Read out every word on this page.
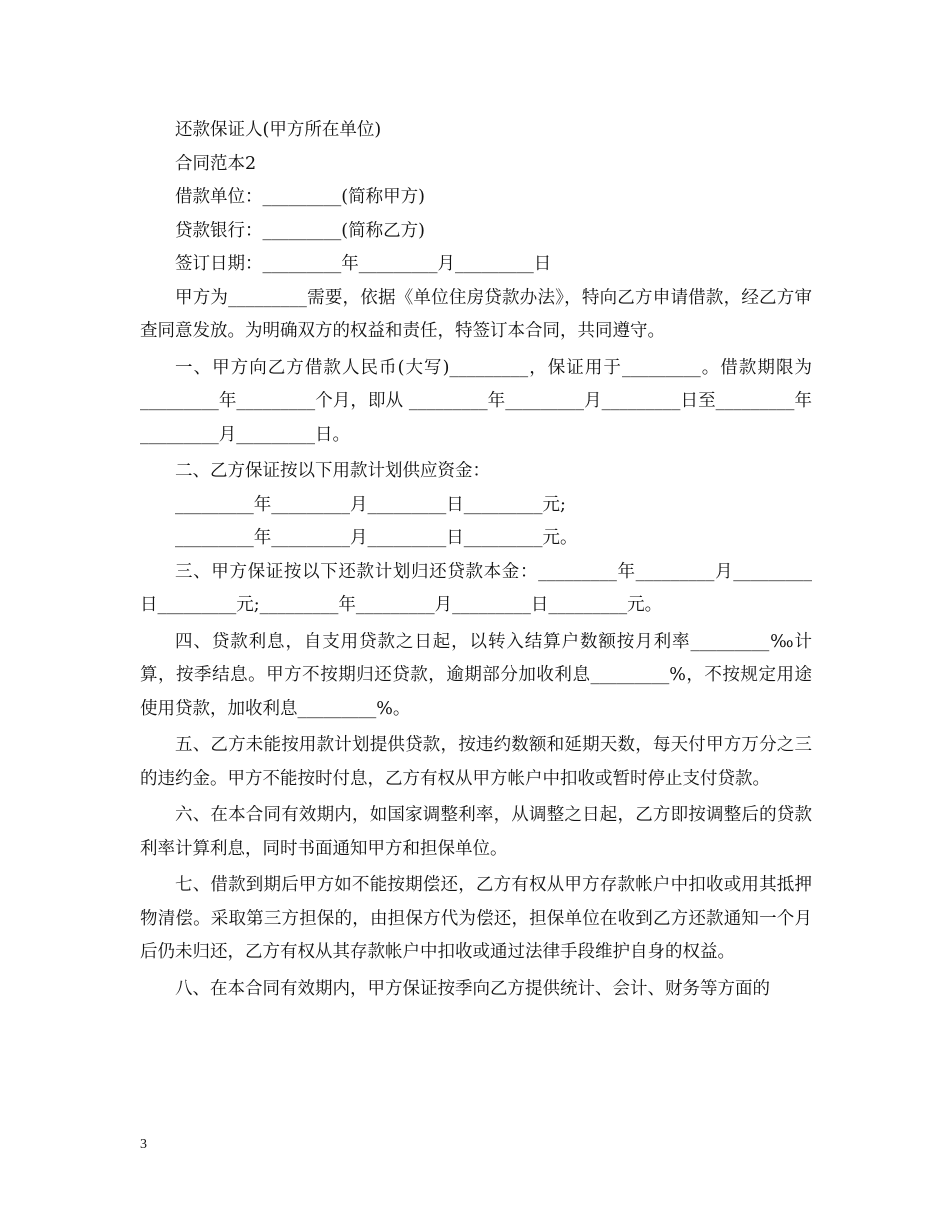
还款保证人(甲方所在单位)

合同范本2

借款单位：_________(简称甲方)

贷款银行：_________(简称乙方)

签订日期：_________年_________月_________日

甲方为_________需要，依据《单位住房贷款办法》，特向乙方申请借款，经乙方审查同意发放。为明确双方的权益和责任，特签订本合同，共同遵守。

一、甲方向乙方借款人民币(大写)_________，保证用于_________。借款期限为_________年_________个月，即从 _________年_________月_________日至_________年_________月_________日。

二、乙方保证按以下用款计划供应资金：

_________年_________月_________日_________元;

_________年_________月_________日_________元。

三、甲方保证按以下还款计划归还贷款本金：_________年_________月_________日_________元;_________年_________月_________日_________元。

四、贷款利息，自支用贷款之日起，以转入结算户数额按月利率_________‰计算，按季结息。甲方不按期归还贷款，逾期部分加收利息_________%，不按规定用途使用贷款，加收利息_________%。

五、乙方未能按用款计划提供贷款，按违约数额和延期天数，每天付甲方万分之三的违约金。甲方不能按时付息，乙方有权从甲方帐户中扣收或暂时停止支付贷款。

六、在本合同有效期内，如国家调整利率，从调整之日起，乙方即按调整后的贷款利率计算利息，同时书面通知甲方和担保单位。

七、借款到期后甲方如不能按期偿还，乙方有权从甲方存款帐户中扣收或用其抵押物清偿。采取第三方担保的，由担保方代为偿还，担保单位在收到乙方还款通知一个月后仍未归还，乙方有权从其存款帐户中扣收或通过法律手段维护自身的权益。

八、在本合同有效期内，甲方保证按季向乙方提供统计、会计、财务等方面的

3
